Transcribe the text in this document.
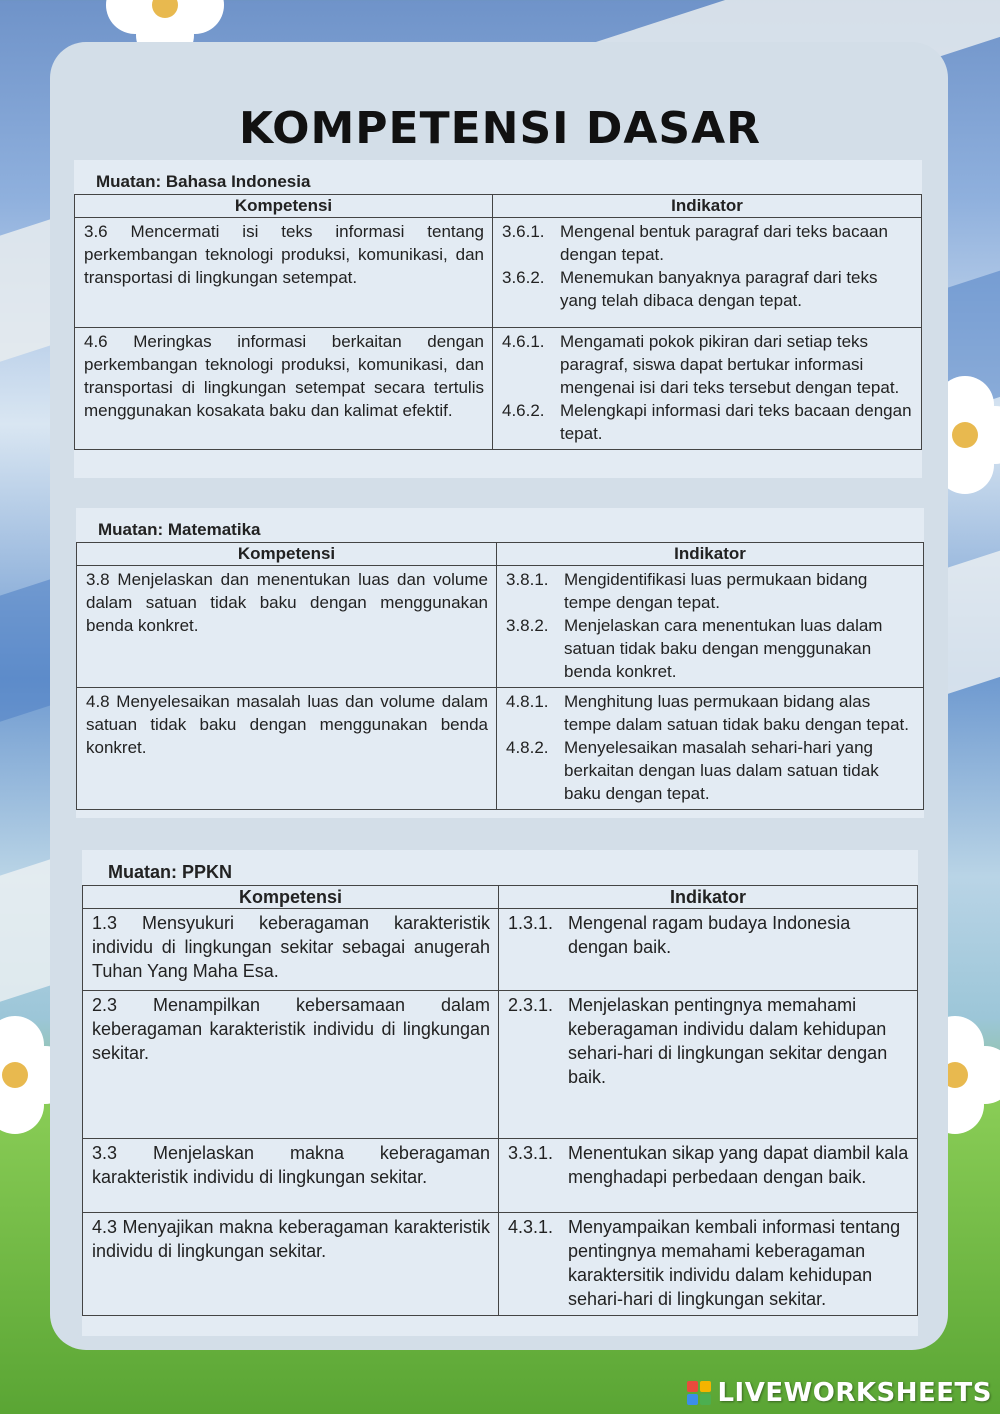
KOMPETENSI DASAR
Muatan: Bahasa Indonesia
Kompetensi	Indikator
3.6 Mencermati isi teks informasi tentang perkembangan teknologi produksi, komunikasi, dan transportasi di lingkungan setempat.	3.6.1. Mengenal bentuk paragraf dari teks bacaan dengan tepat.
3.6.2. Menemukan banyaknya paragraf dari teks yang telah dibaca dengan tepat.

4.6 Meringkas informasi berkaitan dengan perkembangan teknologi produksi, komunikasi, dan transportasi di lingkungan setempat secara tertulis menggunakan kosakata baku dan kalimat efektif.	4.6.1. Mengamati pokok pikiran dari setiap teks paragraf, siswa dapat bertukar informasi mengenai isi dari teks tersebut dengan tepat.
4.6.2. Melengkapi informasi dari teks bacaan dengan tepat.
Muatan: Matematika
Kompetensi	Indikator
3.8 Menjelaskan dan menentukan luas dan volume dalam satuan tidak baku dengan menggunakan benda konkret.	3.8.1. Mengidentifikasi luas permukaan bidang tempe dengan tepat.
3.8.2. Menjelaskan cara menentukan luas dalam satuan tidak baku dengan menggunakan benda konkret.

4.8 Menyelesaikan masalah luas dan volume dalam satuan tidak baku dengan menggunakan benda konkret.	4.8.1. Menghitung luas permukaan bidang alas tempe dalam satuan tidak baku dengan tepat.
4.8.2. Menyelesaikan masalah sehari-hari yang berkaitan dengan luas dalam satuan tidak baku dengan tepat.
Muatan: PPKN
Kompetensi	Indikator
1.3 Mensyukuri keberagaman karakteristik individu di lingkungan sekitar sebagai anugerah Tuhan Yang Maha Esa.	1.3.1. Mengenal ragam budaya Indonesia dengan baik.

2.3 Menampilkan kebersamaan dalam keberagaman karakteristik individu di lingkungan sekitar.	2.3.1. Menjelaskan pentingnya memahami keberagaman individu dalam kehidupan sehari-hari di lingkungan sekitar dengan baik.

3.3 Menjelaskan makna keberagaman karakteristik individu di lingkungan sekitar.	3.3.1. Menentukan sikap yang dapat diambil kala menghadapi perbedaan dengan baik.

4.3 Menyajikan makna keberagaman karakteristik individu di lingkungan sekitar.	4.3.1. Menyampaikan kembali informasi tentang pentingnya memahami keberagaman karaktersitik individu dalam kehidupan sehari-hari di lingkungan sekitar.
LIVEWORKSHEETS
